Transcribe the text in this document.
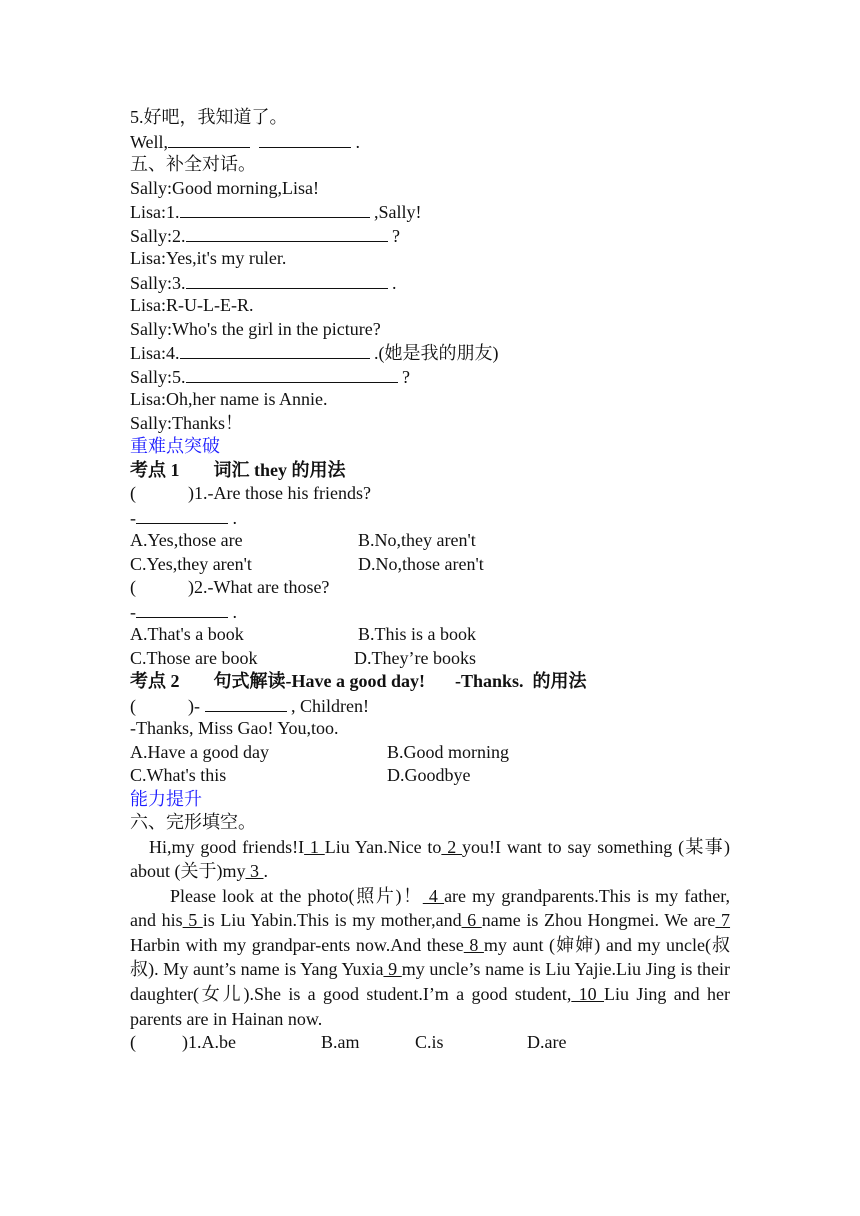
5.好吧，我知道了。
Well,	.
五、补全对话。
Sally:Good morning,Lisa!
Lisa:1.	,Sally!
Sally:2.	?
Lisa:Yes,it's my ruler.
Sally:3.	.
Lisa:R-U-L-E-R.
Sally:Who's the girl in the picture?
Lisa:4.	.(她是我的朋友)
Sally:5.	?
Lisa:Oh,her name is Annie.
Sally:Thanks！
重难点突破
考点 1 词汇 they 的用法
(	)1.-Are those his friends?
-	.
A.Yes,those are	B.No,they aren't
C.Yes,they aren't	D.No,those aren't
(	)2.-What are those?
-	.
A.That's a book	B.This is a book
C.Those are book	D.They’re books
考点 2 句式解读-Have a good day! -Thanks.  的用法
(	)-	, Children!
-Thanks, Miss Gao! You,too.
A.Have a good day	B.Good morning
C.What's this	D.Goodbye
能力提升
六、完形填空。
Hi,my good friends!I 1 Liu Yan.Nice to 2 you!I want to say something (某事) about (关于)my 3 .
Please look at the photo(照片)！ 4 are my grandparents.This is my father, and his 5 is Liu Yabin.This is my mother,and 6 name is Zhou Hongmei. We are 7 Harbin with my grandpar-ents now.And these 8 my aunt (婶婶) and my uncle(叔叔). My aunt’s name is Yang Yuxia 9 my uncle’s name is Liu Yajie.Liu Jing is their daughter(女儿).She is a good student.I’m a good student, 10 Liu Jing and her parents are in Hainan now.
(	)1.A.be	B.am	C.is	D.are
